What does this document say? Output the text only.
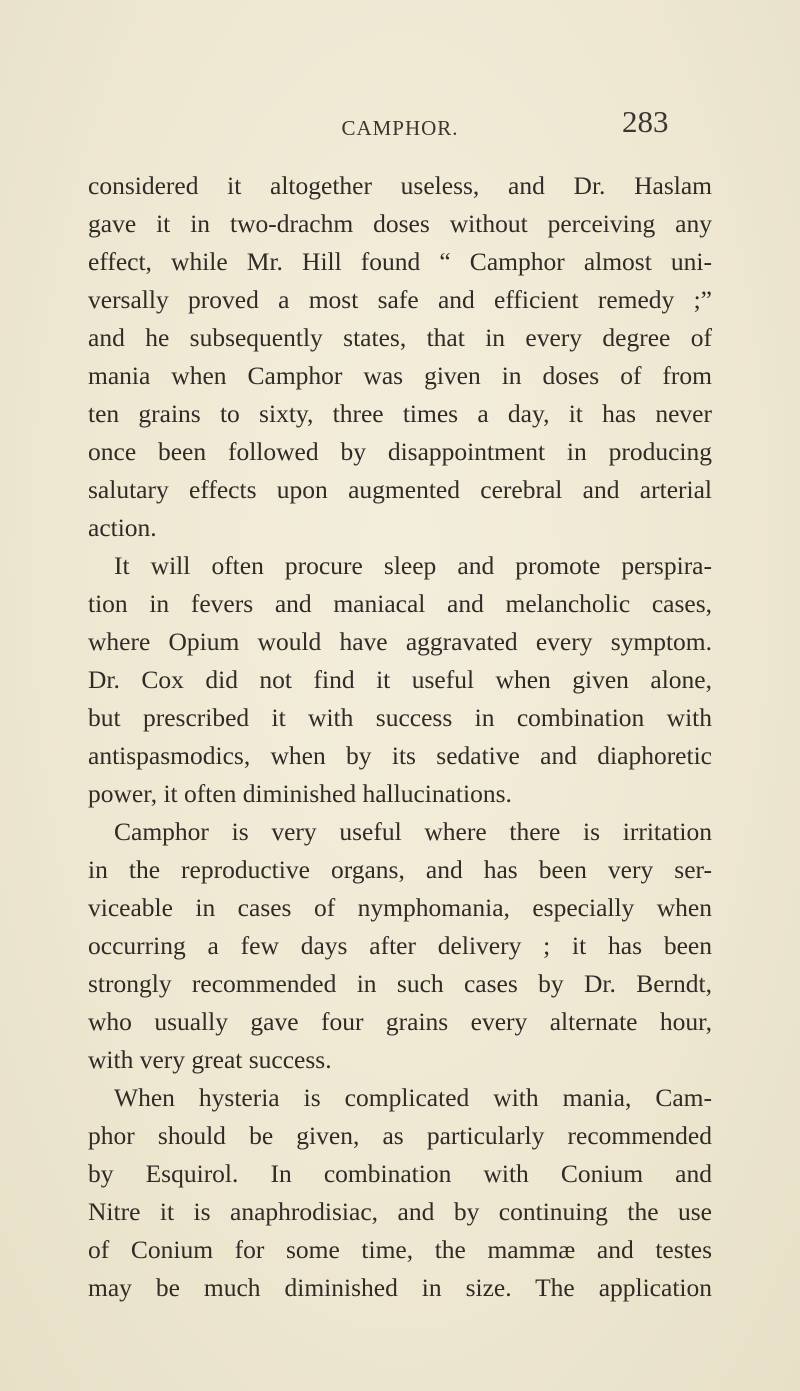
CAMPHOR.	283
considered it altogether useless, and Dr. Haslam
gave it in two-drachm doses without perceiving any
effect, while Mr. Hill found “ Camphor almost uni-
versally proved a most safe and efficient remedy ;”
and he subsequently states, that in every degree of
mania when Camphor was given in doses of from
ten grains to sixty, three times a day, it has never
once been followed by disappointment in producing
salutary effects upon augmented cerebral and arterial
action.
It will often procure sleep and promote perspira-
tion in fevers and maniacal and melancholic cases,
where Opium would have aggravated every symptom.
Dr. Cox did not find it useful when given alone,
but prescribed it with success in combination with
antispasmodics, when by its sedative and diaphoretic
power, it often diminished hallucinations.
Camphor is very useful where there is irritation
in the reproductive organs, and has been very ser-
viceable in cases of nymphomania, especially when
occurring a few days after delivery ; it has been
strongly recommended in such cases by Dr. Berndt,
who usually gave four grains every alternate hour,
with very great success.
When hysteria is complicated with mania, Cam-
phor should be given, as particularly recommended
by Esquirol. In combination with Conium and
Nitre it is anaphrodisiac, and by continuing the use
of Conium for some time, the mammæ and testes
may be much diminished in size. The application
